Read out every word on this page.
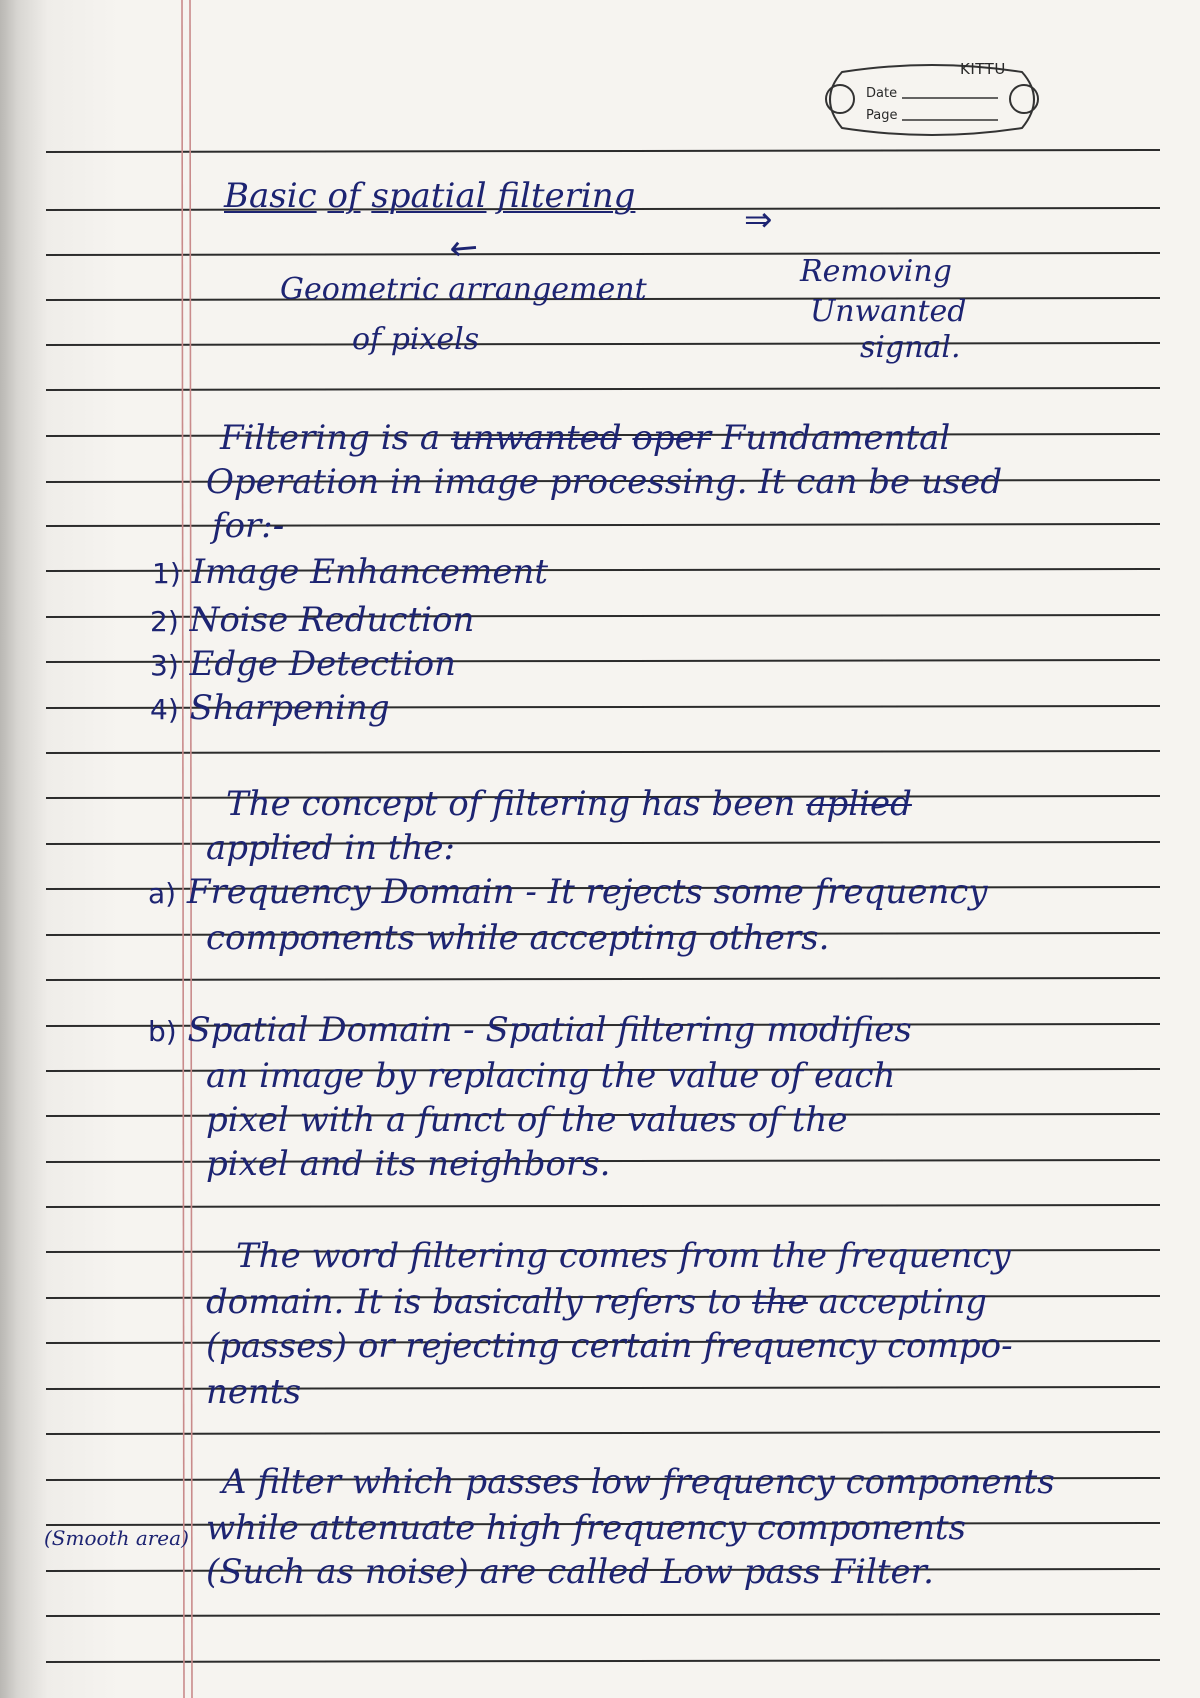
KITTU
Date
Page
Basic of spatial filtering
↙
⇒
Geometric arrangement
of pixels
Removing
Unwanted
signal.
Filtering is a unwanted oper Fundamental
Operation in image processing. It can be used
for:-
1) Image Enhancement
2) Noise Reduction
3) Edge Detection
4) Sharpening
The concept of filtering has been aplied
applied in the:
a) Frequency Domain - It rejects some frequency
components while accepting others.
b) Spatial Domain - Spatial filtering modifies
an image by replacing the value of each
pixel with a funct of the values of the
pixel and its neighbors.
The word filtering comes from the frequency
domain. It is basically refers to the accepting
(passes) or rejecting certain frequency compo-
nents
(Smooth area)
A filter which passes low frequency components
while attenuate high frequency components
(Such as noise) are called Low pass Filter.
